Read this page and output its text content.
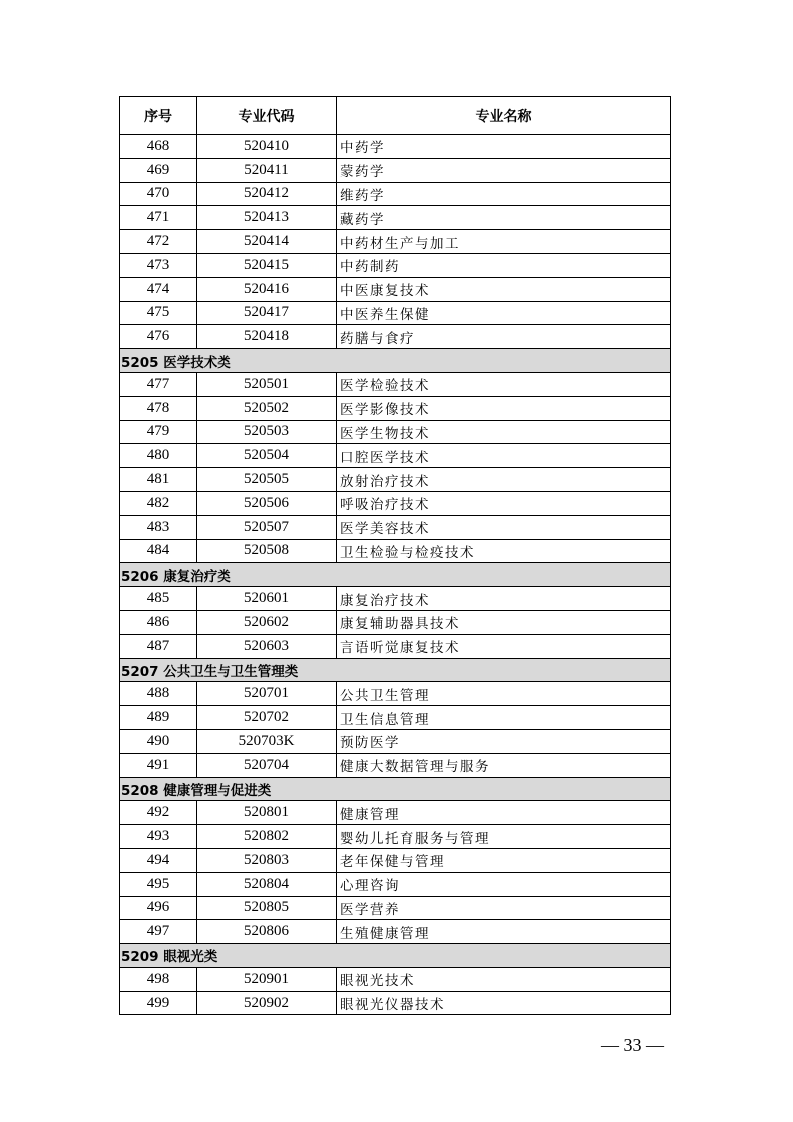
序号	专业代码	专业名称
468	520410	中药学
469	520411	蒙药学
470	520412	维药学
471	520413	藏药学
472	520414	中药材生产与加工
473	520415	中药制药
474	520416	中医康复技术
475	520417	中医养生保健
476	520418	药膳与食疗
5205 医学技术类		
477	520501	医学检验技术
478	520502	医学影像技术
479	520503	医学生物技术
480	520504	口腔医学技术
481	520505	放射治疗技术
482	520506	呼吸治疗技术
483	520507	医学美容技术
484	520508	卫生检验与检疫技术
5206 康复治疗类		
485	520601	康复治疗技术
486	520602	康复辅助器具技术
487	520603	言语听觉康复技术
5207 公共卫生与卫生管理类		
488	520701	公共卫生管理
489	520702	卫生信息管理
490	520703K	预防医学
491	520704	健康大数据管理与服务
5208 健康管理与促进类		
492	520801	健康管理
493	520802	婴幼儿托育服务与管理
494	520803	老年保健与管理
495	520804	心理咨询
496	520805	医学营养
497	520806	生殖健康管理
5209 眼视光类		
498	520901	眼视光技术
499	520902	眼视光仪器技术
— 33 —
